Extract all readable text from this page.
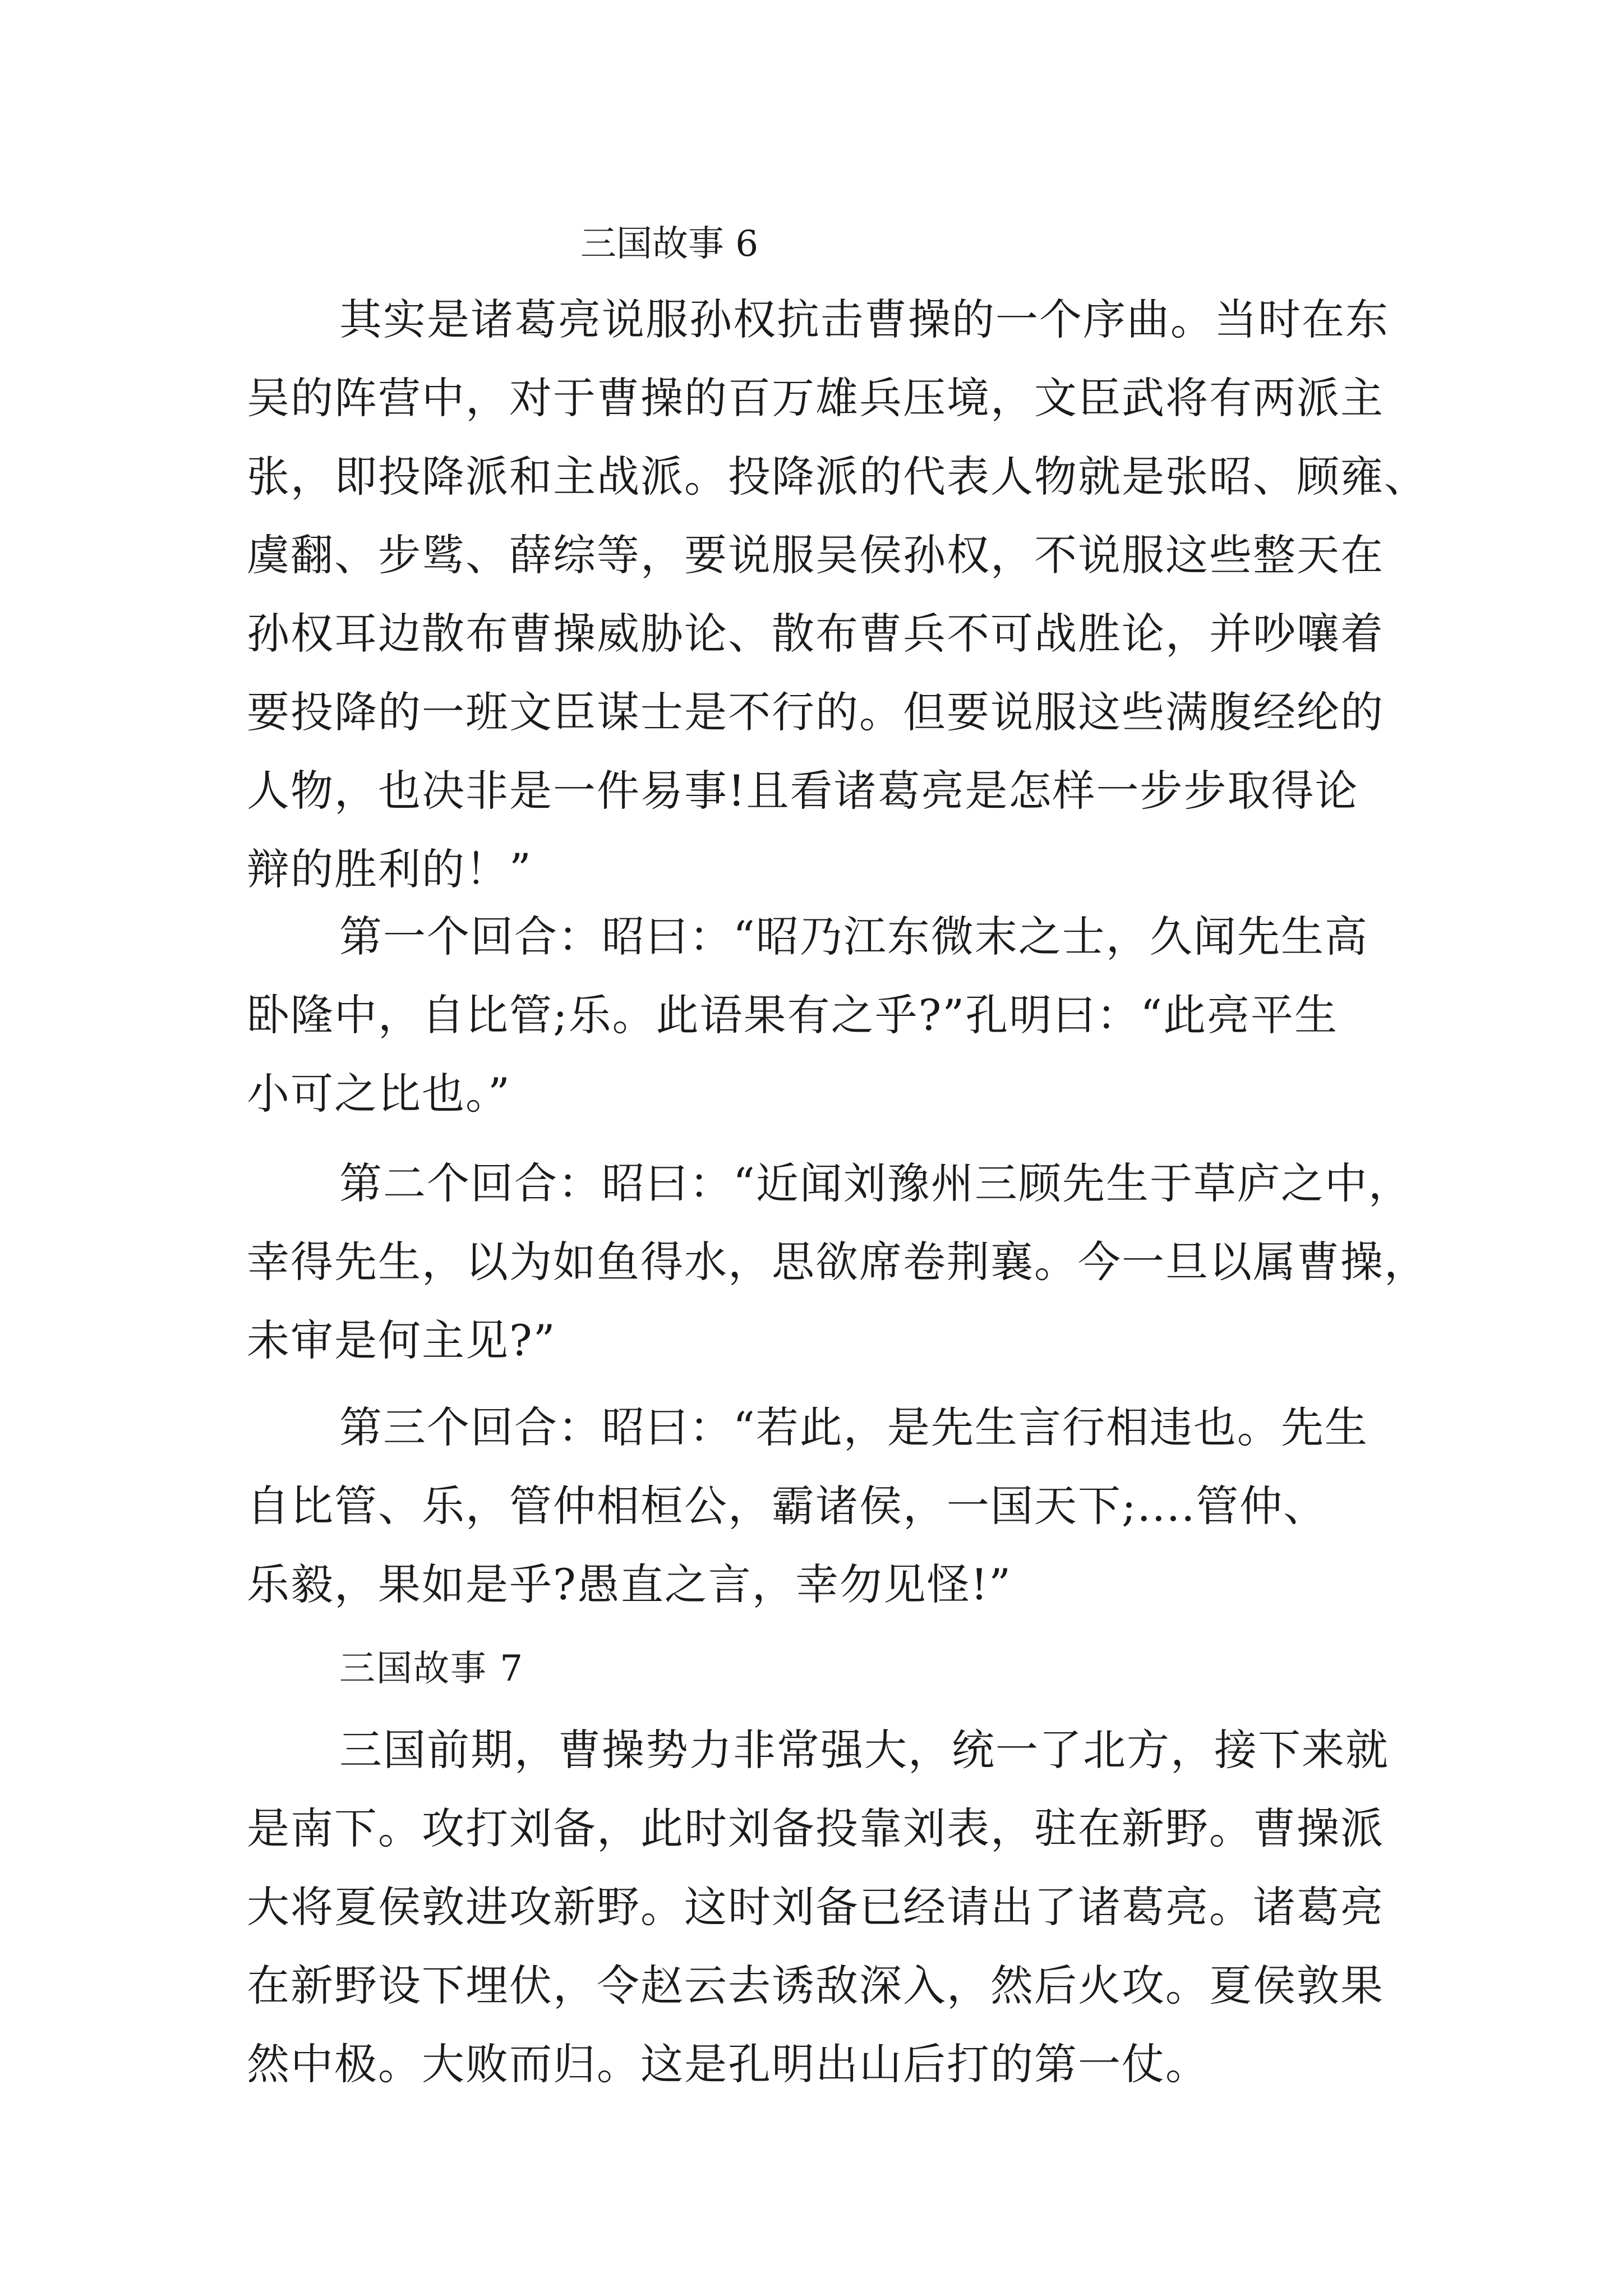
三国故事 6
其实是诸葛亮说服孙权抗击曹操的一个序曲。当时在东
吴的阵营中，对于曹操的百万雄兵压境，文臣武将有两派主
张，即投降派和主战派。投降派的代表人物就是张昭、顾雍、
虞翻、步骘、薛综等，要说服吴侯孙权，不说服这些整天在
孙权耳边散布曹操威胁论、散布曹兵不可战胜论，并吵嚷着
要投降的一班文臣谋士是不行的。但要说服这些满腹经纶的
人物，也决非是一件易事!且看诸葛亮是怎样一步步取得论
辩的胜利的！”
第一个回合：昭曰：“昭乃江东微末之士，久闻先生高
卧隆中，自比管;乐。此语果有之乎?”孔明曰：“此亮平生
小可之比也。”
第二个回合：昭曰：“近闻刘豫州三顾先生于草庐之中，
幸得先生，以为如鱼得水，思欲席卷荆襄。今一旦以属曹操，
未审是何主见?”
第三个回合：昭曰：“若此，是先生言行相违也。先生
自比管、乐，管仲相桓公，霸诸侯，一国天下;....管仲、
乐毅，果如是乎?愚直之言，幸勿见怪!”
三国故事 7
三国前期，曹操势力非常强大，统一了北方，接下来就
是南下。攻打刘备，此时刘备投靠刘表，驻在新野。曹操派
大将夏侯敦进攻新野。这时刘备已经请出了诸葛亮。诸葛亮
在新野设下埋伏，令赵云去诱敌深入，然后火攻。夏侯敦果
然中极。大败而归。这是孔明出山后打的第一仗。
